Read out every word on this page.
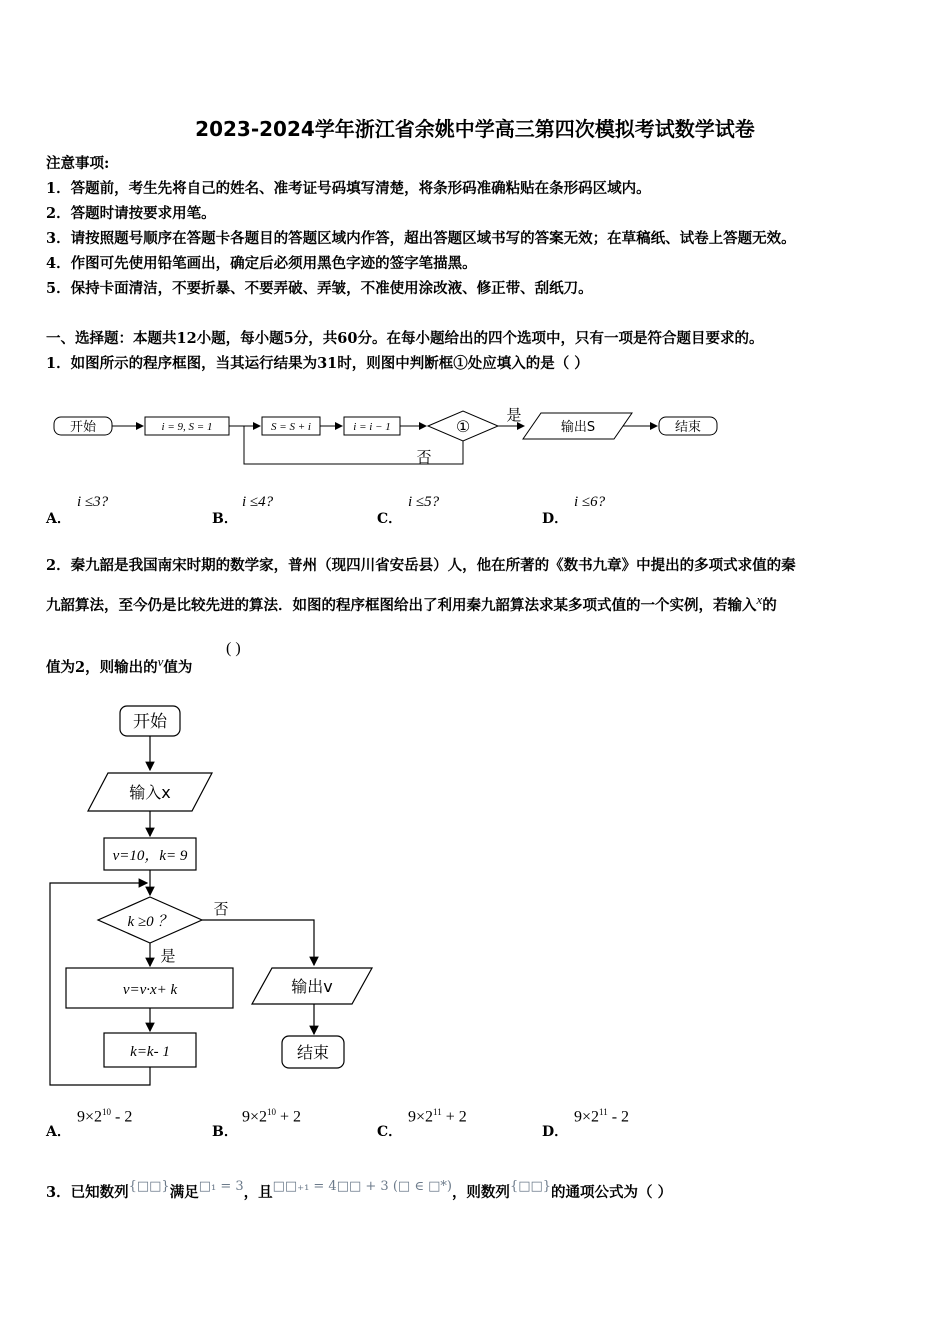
2023-2024学年浙江省余姚中学高三第四次模拟考试数学试卷
注意事项:
1．答题前，考生先将自己的姓名、准考证号码填写清楚，将条形码准确粘贴在条形码区域内。
2．答题时请按要求用笔。
3．请按照题号顺序在答题卡各题目的答题区域内作答，超出答题区域书写的答案无效；在草稿纸、试卷上答题无效。
4．作图可先使用铅笔画出，确定后必须用黑色字迹的签字笔描黑。
5．保持卡面清洁，不要折暴、不要弄破、弄皱，不准使用涂改液、修正带、刮纸刀。
一、选择题：本题共12小题，每小题5分，共60分。在每小题给出的四个选项中，只有一项是符合题目要求的。
1．如图所示的程序框图，当其运行结果为31时，则图中判断框①处应填入的是（ ）
开始	i = 9, S = 1	S = S + i	i = i − 1	①
是
输出S	结束
否
A．
i ≤3?
B．
i ≤4?
C．
i ≤5?
D．
i ≤6?
2．秦九韶是我国南宋时期的数学家，普州（现四川省安岳县）人，他在所著的《数书九章》中提出的多项式求值的秦
九韶算法，至今仍是比较先进的算法．如图的程序框图给出了利用秦九韶算法求某多项式值的一个实例，若输入$^x$的
值为2，则输出的$^v$值为
( )
开始
输入x
v=10，k= 9
k ≥0 ？
否
是
v=v·x+ k
k=k- 1
输出v
结束
A．
$9\times 2^{10} - 2$
B．
$9\times 2^{10} + 2$
C．
$9\times 2^{11} + 2$
D．
$9\times 2^{11} - 2$
3．已知数列{□□}满足□₁ = 3，且□□₊₁ = 4□□ + 3 (□ ∈ □*)，则数列{□□}的通项公式为（ ）
